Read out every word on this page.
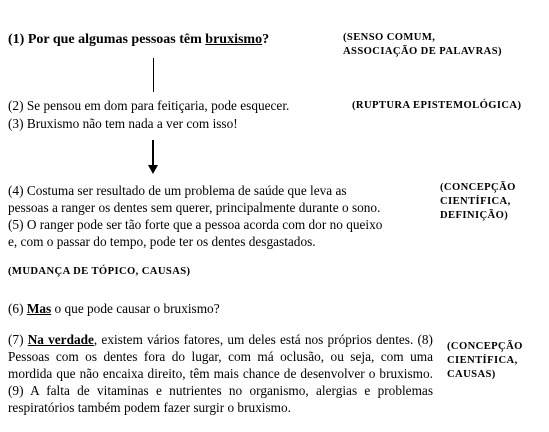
(1) Por que algumas pessoas têm bruxismo?	(SENSO COMUM,
ASSOCIAÇÃO DE PALAVRAS)
(2) Se pensou em dom para feitiçaria, pode esquecer.
(3) Bruxismo não tem nada a ver com isso!
(RUPTURA EPISTEMOLÓGICA)
(4) Costuma ser resultado de um problema de saúde que leva as
pessoas a ranger os dentes sem querer, principalmente durante o sono.
(5) O ranger pode ser tão forte que a pessoa acorda com dor no queixo
e, com o passar do tempo, pode ter os dentes desgastados.
(CONCEPÇÃO
CIENTÍFICA,
DEFINIÇÃO)
(MUDANÇA DE TÓPICO, CAUSAS)
(6) Mas o que pode causar o bruxismo?
(7) Na verdade, existem vários fatores, um deles está nos próprios dentes. (8) Pessoas com os dentes fora do lugar, com má oclusão, ou seja, com uma mordida que não encaixa direito, têm mais chance de desenvolver o bruxismo. (9) A falta de vitaminas e nutrientes no organismo, alergias e problemas respiratórios também podem fazer surgir o bruxismo.
(CONCEPÇÃO
CIENTÍFICA,
CAUSAS)
